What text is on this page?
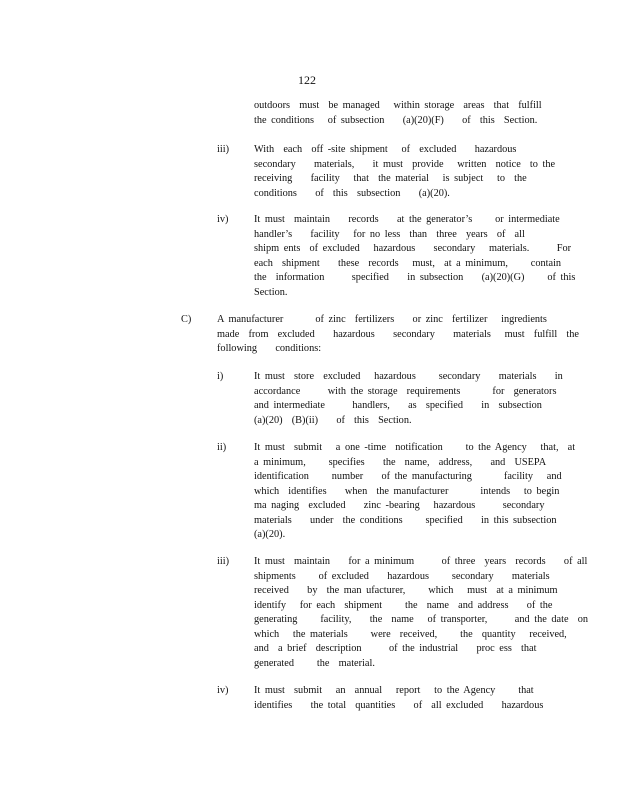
122
outdoors  must  be managed   within storage  areas  that  fulfill
the conditions   of subsection    (a)(20)(F)    of  this  Section.
iii) With  each  off -site shipment   of  excluded    hazardous
secondary    materials,    it must  provide   written  notice  to the
receiving    facility   that  the material   is subject   to  the
conditions    of  this  subsection    (a)(20).
iv) It must  maintain    records    at the generator’s     or intermediate
handler’s    facility   for no less  than  three  years  of  all
shipm ents  of excluded   hazardous    secondary   materials.      For
each  shipment    these  records   must,  at a minimum,     contain
the  information      specified    in subsection    (a)(20)(G)     of this
Section.
C) A manufacturer       of zinc  fertilizers    or zinc  fertilizer   ingredients
made  from  excluded    hazardous    secondary    materials   must  fulfill  the
following    conditions:
i)	It must  store  excluded   hazardous     secondary    materials    in
accordance      with the storage  requirements       for  generators
and intermediate      handlers,    as  specified    in  subsection
(a)(20)  (B)(ii)    of  this  Section.
ii)	It must  submit   a one -time  notification     to the Agency   that,  at
a minimum,     specifies    the  name,  address,    and  USEPA
identification     number    of the manufacturing       facility   and
which  identifies    when  the manufacturer       intends   to begin
ma naging  excluded    zinc -bearing   hazardous      secondary
materials    under  the conditions     specified    in this subsection
(a)(20).
iii) It must  maintain    for a minimum      of three  years  records    of all
shipments     of excluded    hazardous     secondary    materials
received    by  the man ufacturer,     which   must  at a minimum
identify   for each  shipment     the  name  and address    of the
generating     facility,    the  name   of transporter,      and the date  on
which   the materials     were  received,     the  quantity   received,
and  a brief  description      of the industrial    proc ess  that
generated     the  material.
iv) It must  submit   an  annual   report   to the Agency     that
identifies    the total  quantities    of  all excluded    hazardous
